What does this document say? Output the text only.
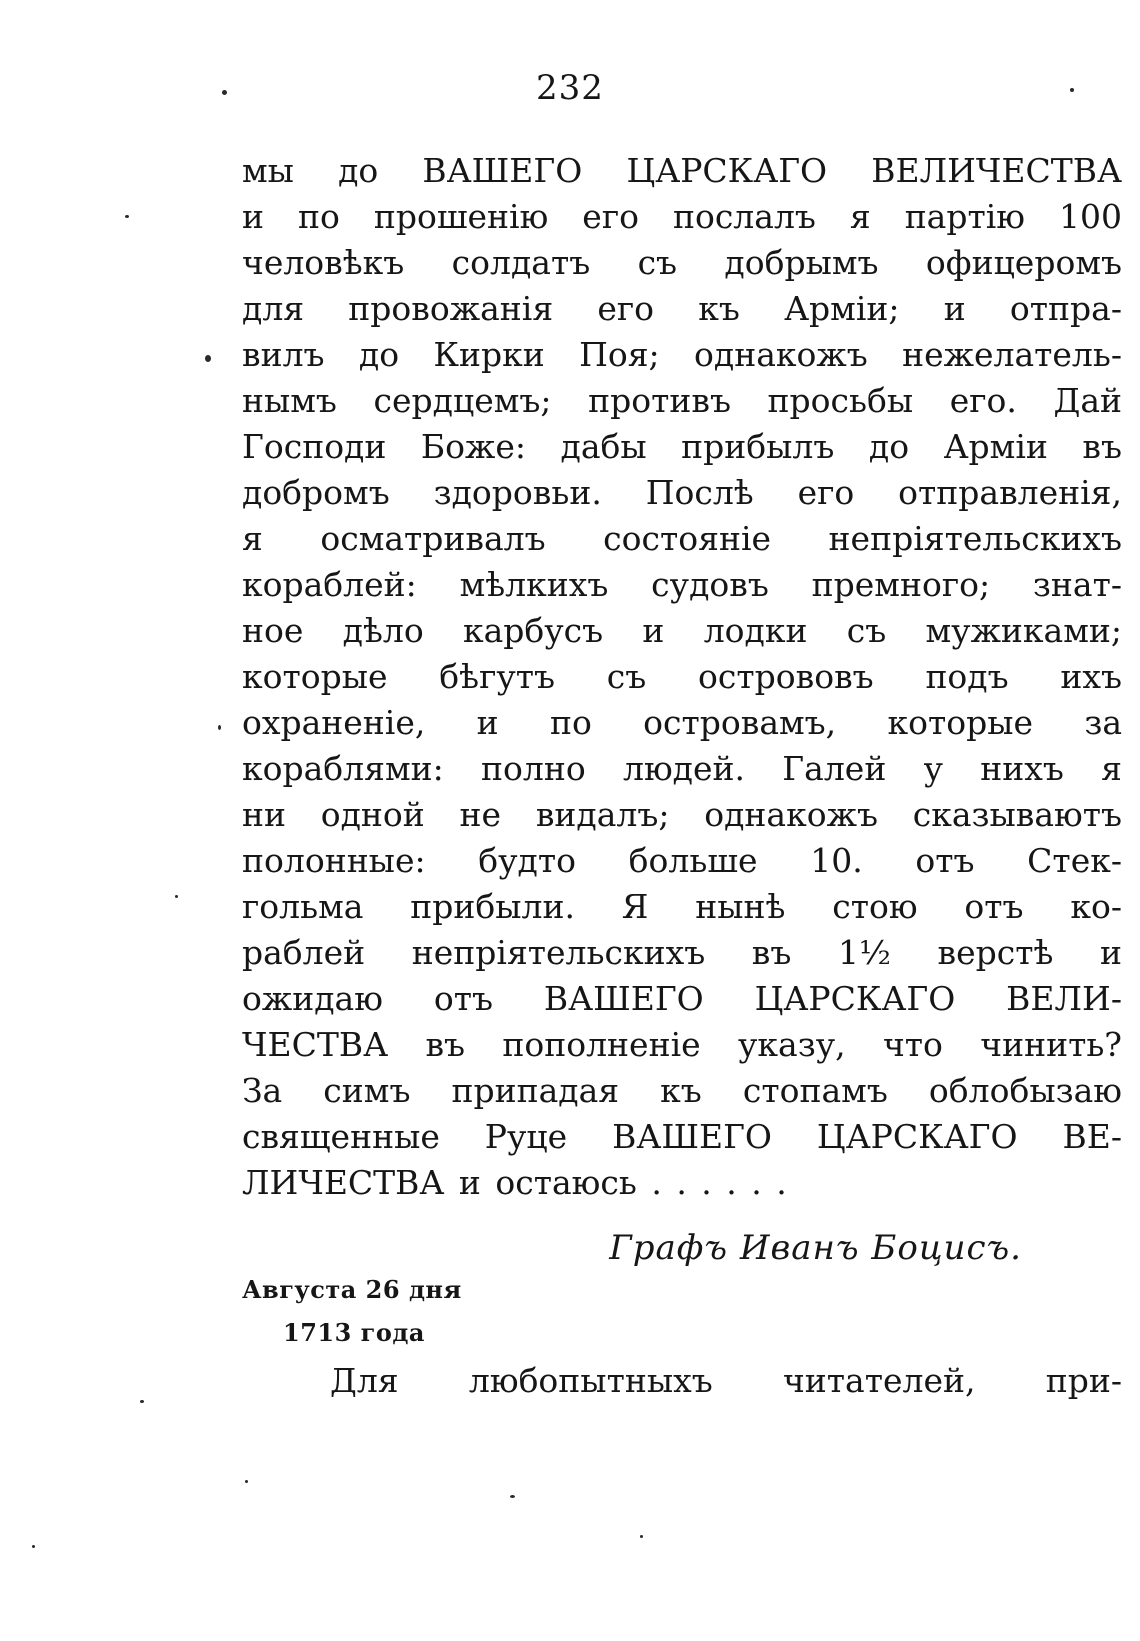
232
мы до ВАШЕГО ЦАРСКАГО ВЕЛИЧЕСТВА
и по прошенію его послалъ я партію 100
человѣкъ солдатъ съ добрымъ офицеромъ
для провожанія его къ Арміи; и отпра-
вилъ до Кирки Поя; однакожъ нежелатель-
нымъ сердцемъ; противъ просьбы его. Дай
Господи Боже: дабы прибылъ до Арміи въ
добромъ здоровьи. Послѣ его отправленія,
я осматривалъ состояніе непріятельскихъ
кораблей: мѣлкихъ судовъ премного; знат-
ное дѣло карбусъ и лодки съ мужиками;
которые бѣгутъ съ острововъ подъ ихъ
охраненіе, и по островамъ, которые за
кораблями: полно людей. Галей у нихъ я
ни одной не видалъ; однакожъ сказываютъ
полонные: будто больше 10. отъ Стек-
гольма прибыли. Я нынѣ стою отъ ко-
раблей непріятельскихъ въ 1½ верстѣ и
ожидаю отъ ВАШЕГО ЦАРСКАГО ВЕЛИ-
ЧЕСТВА въ пополненіе указу, что чинить?
За симъ припадая къ стопамъ облобызаю
священные Руце ВАШЕГО ЦАРСКАГО ВЕ-
ЛИЧЕСТВА и остаюсь . . . . . .
Графъ Иванъ Боцисъ.
Августа 26 дня
1713 года
Для любопытныхъ читателей, при-
